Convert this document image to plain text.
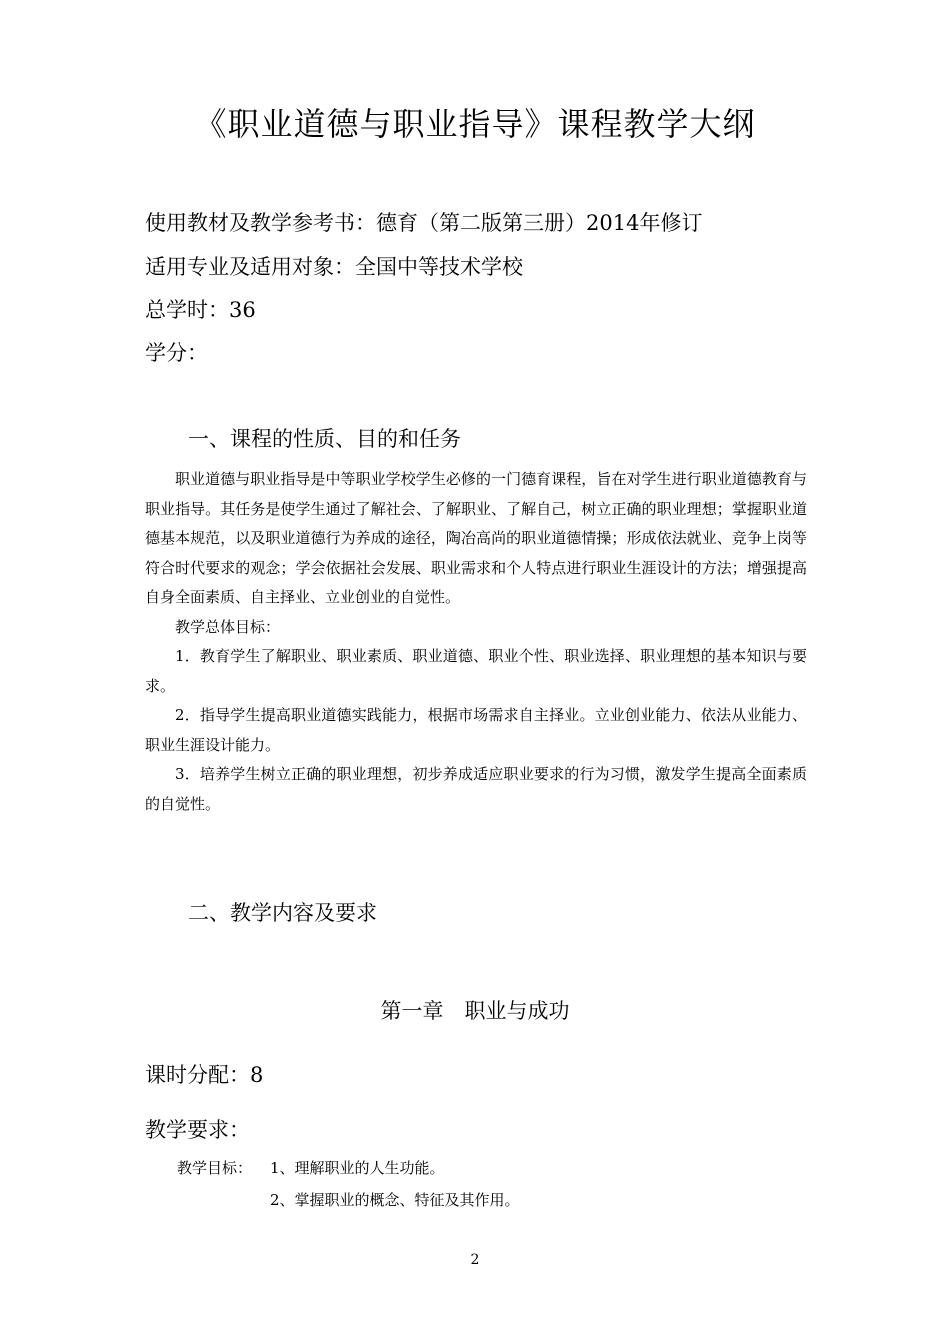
《职业道德与职业指导》课程教学大纲
使用教材及教学参考书：德育（第二版第三册）2014年修订
适用专业及适用对象：全国中等技术学校
总学时：36
学分：
一、课程的性质、目的和任务

职业道德与职业指导是中等职业学校学生必修的一门德育课程，旨在对学生进行职业道德教育与职业指导。其任务是使学生通过了解社会、了解职业、了解自己，树立正确的职业理想；掌握职业道德基本规范，以及职业道德行为养成的途径，陶冶高尚的职业道德情操；形成依法就业、竞争上岗等符合时代要求的观念；学会依据社会发展、职业需求和个人特点进行职业生涯设计的方法；增强提高自身全面素质、自主择业、立业创业的自觉性。

教学总体目标：

1．教育学生了解职业、职业素质、职业道德、职业个性、职业选择、职业理想的基本知识与要求。

2．指导学生提高职业道德实践能力，根据市场需求自主择业。立业创业能力、依法从业能力、职业生涯设计能力。

3．培养学生树立正确的职业理想，初步养成适应职业要求的行为习惯，激发学生提高全面素质的自觉性。

二、教学内容及要求
第一章　职业与成功
课时分配：8
教学要求：
教学目标： 1、理解职业的人生功能。
2、掌握职业的概念、特征及其作用。
2
